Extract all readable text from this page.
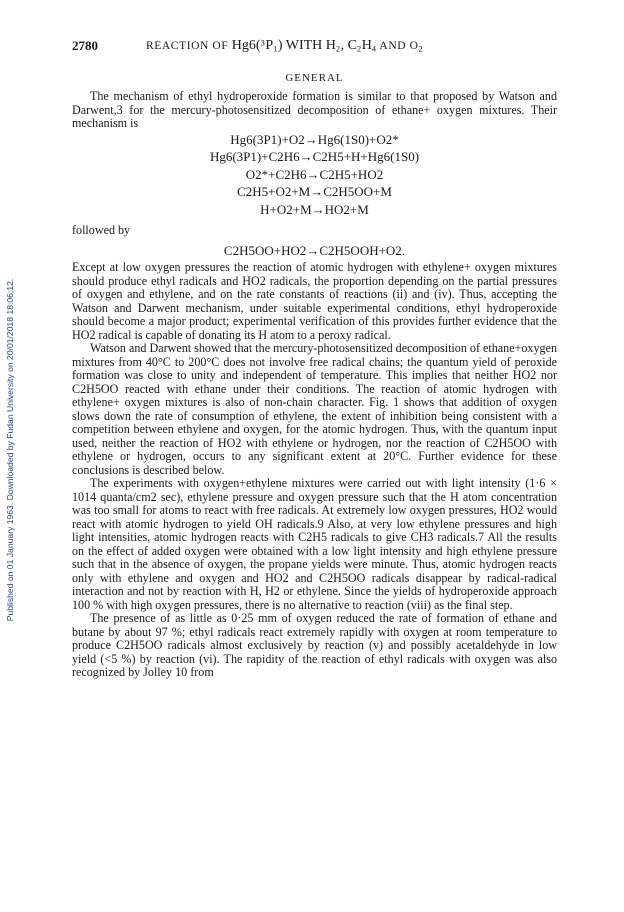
Published on 01 January 1963. Downloaded by Fudan University on 20/01/2018 18:06:12.
2780	REACTION OF $Hg6(^3P_1)$ WITH $H_2$, $C_2H_4$ AND $O_2$
GENERAL

The mechanism of ethyl hydroperoxide formation is similar to that proposed by Watson and Darwent,3 for the mercury-photosensitized decomposition of ethane+ oxygen mixtures. Their mechanism is

Hg6(3P1)+O2→Hg6(1S0)+O2*
Hg6(3P1)+C2H6→C2H5+H+Hg6(1S0)
O2*+C2H6→C2H5+HO2
C2H5+O2+M→C2H5OO+M
H+O2+M→HO2+M

followed by

C2H5OO+HO2→C2H5OOH+O2.

Except at low oxygen pressures the reaction of atomic hydrogen with ethylene+ oxygen mixtures should produce ethyl radicals and HO2 radicals, the proportion depending on the partial pressures of oxygen and ethylene, and on the rate constants of reactions (ii) and (iv). Thus, accepting the Watson and Darwent mechanism, under suitable experimental conditions, ethyl hydroperoxide should become a major product; experimental verification of this provides further evidence that the HO2 radical is capable of donating its H atom to a peroxy radical.

Watson and Darwent showed that the mercury-photosensitized decomposition of ethane+oxygen mixtures from 40°C to 200°C does not involve free radical chains; the quantum yield of peroxide formation was close to unity and independent of temperature. This implies that neither HO2 nor C2H5OO reacted with ethane under their conditions. The reaction of atomic hydrogen with ethylene+ oxygen mixtures is also of non-chain character. Fig. 1 shows that addition of oxygen slows down the rate of consumption of ethylene, the extent of inhibition being consistent with a competition between ethylene and oxygen, for the atomic hydrogen. Thus, with the quantum input used, neither the reaction of HO2 with ethylene or hydrogen, nor the reaction of C2H5OO with ethylene or hydrogen, occurs to any significant extent at 20°C. Further evidence for these conclusions is described below.

The experiments with oxygen+ethylene mixtures were carried out with light intensity (1·6 × 1014 quanta/cm2 sec), ethylene pressure and oxygen pressure such that the H atom concentration was too small for atoms to react with free radicals. At extremely low oxygen pressures, HO2 would react with atomic hydrogen to yield OH radicals.9 Also, at very low ethylene pressures and high light intensities, atomic hydrogen reacts with C2H5 radicals to give CH3 radicals.7 All the results on the effect of added oxygen were obtained with a low light intensity and high ethylene pressure such that in the absence of oxygen, the propane yields were minute. Thus, atomic hydrogen reacts only with ethylene and oxygen and HO2 and C2H5OO radicals disappear by radical-radical interaction and not by reaction with H, H2 or ethylene. Since the yields of hydroperoxide approach 100 % with high oxygen pressures, there is no alternative to reaction (viii) as the final step.

The presence of as little as 0·25 mm of oxygen reduced the rate of formation of ethane and butane by about 97 %; ethyl radicals react extremely rapidly with oxygen at room temperature to produce C2H5OO radicals almost exclusively by reaction (v) and possibly acetaldehyde in low yield (<5 %) by reaction (vi). The rapidity of the reaction of ethyl radicals with oxygen was also recognized by Jolley 10 from
